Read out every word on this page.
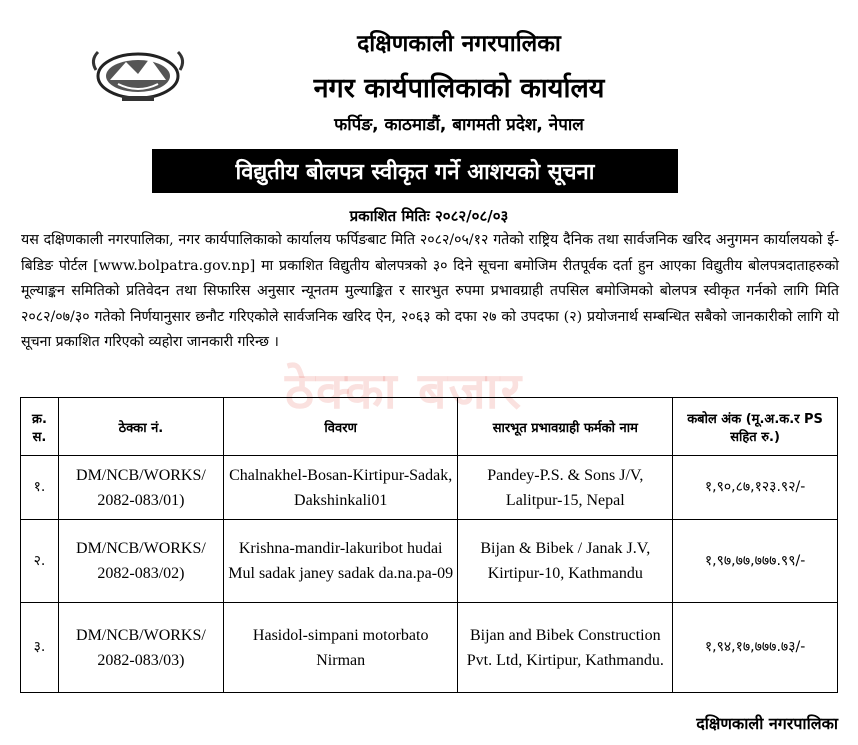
दक्षिणकाली नगरपालिका
नगर कार्यपालिकाको कार्यालय
फर्पिङ, काठमाडौं, बागमती प्रदेश, नेपाल
विद्युतीय बोलपत्र स्वीकृत गर्ने आशयको सूचना
प्रकाशित मितिः २०८२/०८/०३
यस दक्षिणकाली नगरपालिका, नगर कार्यपालिकाको कार्यालय फर्पिङबाट मिति २०८२/०५/१२ गतेको राष्ट्रिय दैनिक तथा सार्वजनिक खरिद अनुगमन कार्यालयको ई-बिडिङ पोर्टल [www.bolpatra.gov.np] मा प्रकाशित विद्युतीय बोलपत्रको ३० दिने सूचना बमोजिम रीतपूर्वक दर्ता हुन आएका विद्युतीय बोलपत्रदाताहरुको मूल्याङ्कन समितिको प्रतिवेदन तथा सिफारिस अनुसार न्यूनतम मुल्याङ्कित र सारभुत रुपमा प्रभावग्राही तपसिल बमोजिमको बोलपत्र स्वीकृत गर्नको लागि मिति २०८२/०७/३० गतेको निर्णयानुसार छनौट गरिएकोले सार्वजनिक खरिद ऐन, २०६३ को दफा २७ को उपदफा (२) प्रयोजनार्थ सम्बन्धित सबैको जानकारीको लागि यो सूचना प्रकाशित गरिएको व्यहोरा जानकारी गरिन्छ ।
ठेक्का बजार
क्र. स.	ठेक्का नं.	विवरण	सारभूत प्रभावग्राही फर्मको नाम	कबोल अंक (मू.अ.क.र PS सहित रु.)
१.	DM/NCB/WORKS/ 2082-083/01)	Chalnakhel-Bosan-Kirtipur-Sadak, Dakshinkali01	Pandey-P.S. & Sons J/V, Lalitpur-15, Nepal	१,९०,८७,१२३.९२/-
२.	DM/NCB/WORKS/ 2082-083/02)	Krishna-mandir-lakuribot hudai Mul sadak janey sadak da.na.pa-09	Bijan & Bibek / Janak J.V, Kirtipur-10, Kathmandu	१,९७,७७,७७७.९९/-
३.	DM/NCB/WORKS/ 2082-083/03)	Hasidol-simpani motorbato Nirman	Bijan and Bibek Construction Pvt. Ltd, Kirtipur, Kathmandu.	१,९४,१७,७७७.७३/-
दक्षिणकाली नगरपालिका
